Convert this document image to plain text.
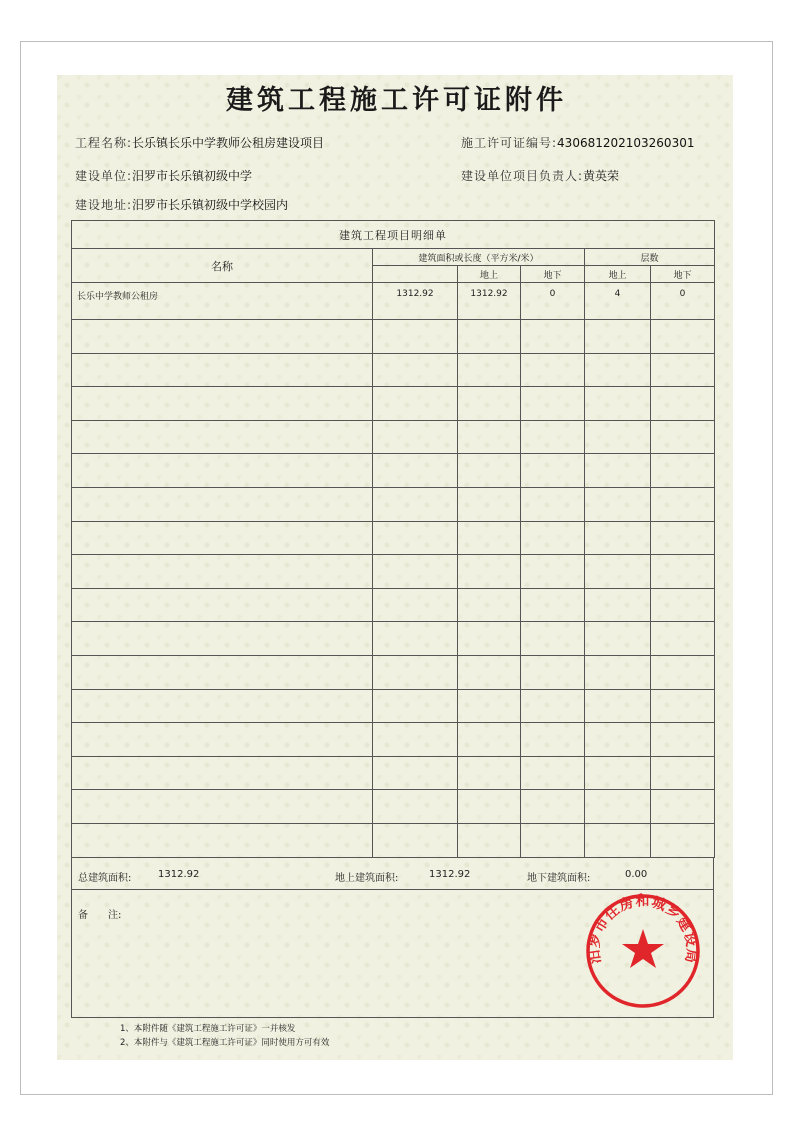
建筑工程施工许可证附件
工程名称:长乐镇长乐中学教师公租房建设项目	施工许可证编号:430681202103260301
建设单位:汨罗市长乐镇初级中学	建设单位项目负责人:黄英荣
建设地址:汨罗市长乐镇初级中学校园内
建筑工程项目明细单					
名称	建筑面积或长度（平方米/米）			层数	
		地上	地下	地上	地下
长乐中学教师公租房	1312.92	1312.92	0	4	0

总建筑面积:	1312.92	地上建筑面积:	1312.92	地下建筑面积:	0.00
备　　注:
汨罗市住房和城乡建设局
1、本附件随《建筑工程施工许可证》一并核发
2、本附件与《建筑工程施工许可证》同时使用方可有效
